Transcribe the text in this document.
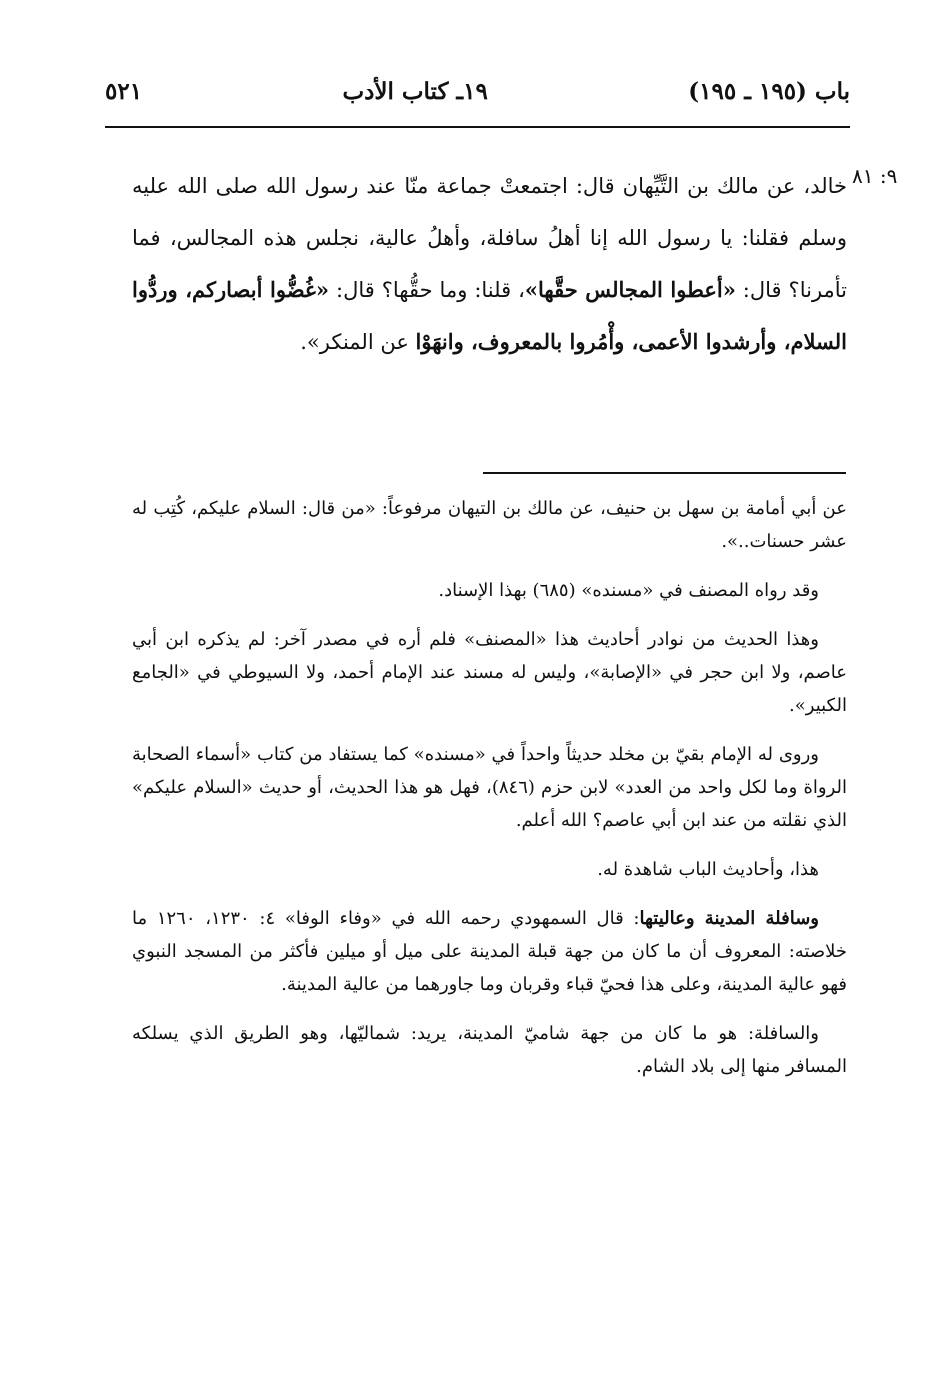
باب (١٩٥ ـ ١٩٥)
١٩ـ كتاب الأدب
٥٢١
٩: ٨١
خالد، عن مالك بن التَّيِّهان قال: اجتمعتْ جماعة منّا عند رسول الله صلى الله عليه وسلم فقلنا: يا رسول الله إنا أهلُ سافلة، وأهلُ عالية، نجلس هذه المجالس، فما تأمرنا؟ قال: «أعطوا المجالس حقَّها»، قلنا: وما حقُّها؟ قال: «غُضُّوا أبصاركم، وردُّوا السلام، وأرشدوا الأعمى، وأْمُروا بالمعروف، وانهَوْا عن المنكر».

عن أبي أمامة بن سهل بن حنيف، عن مالك بن التيهان مرفوعاً: «من قال: السلام عليكم، كُتِب له عشر حسنات..».

وقد رواه المصنف في «مسنده» (٦٨٥) بهذا الإسناد.

وهذا الحديث من نوادر أحاديث هذا «المصنف» فلم أره في مصدر آخر: لم يذكره ابن أبي عاصم، ولا ابن حجر في «الإصابة»، وليس له مسند عند الإمام أحمد، ولا السيوطي في «الجامع الكبير».

وروى له الإمام بقيّ بن مخلد حديثاً واحداً في «مسنده» كما يستفاد من كتاب «أسماء الصحابة الرواة وما لكل واحد من العدد» لابن حزم (٨٤٦)، فهل هو هذا الحديث، أو حديث «السلام عليكم» الذي نقلته من عند ابن أبي عاصم؟ الله أعلم.

هذا، وأحاديث الباب شاهدة له.

وسافلة المدينة وعاليتها: قال السمهودي رحمه الله في «وفاء الوفا» ٤: ١٢٣٠، ١٢٦٠ ما خلاصته: المعروف أن ما كان من جهة قبلة المدينة على ميل أو ميلين فأكثر من المسجد النبوي فهو عالية المدينة، وعلى هذا فحيّ قباء وقربان وما جاورهما من عالية المدينة.

والسافلة: هو ما كان من جهة شاميّ المدينة، يريد: شماليّها، وهو الطريق الذي يسلكه المسافر منها إلى بلاد الشام.
